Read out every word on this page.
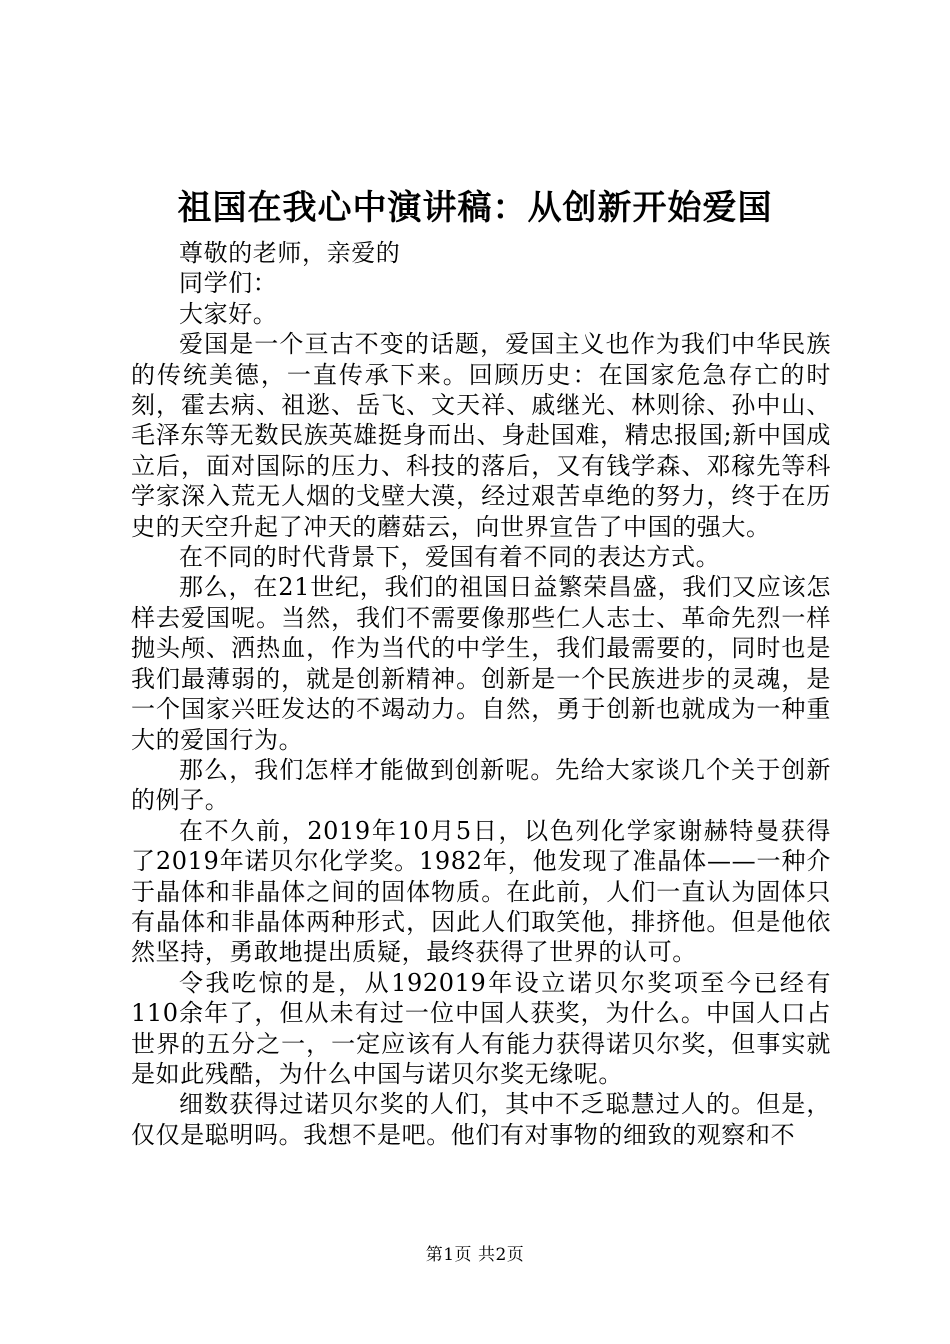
祖国在我心中演讲稿：从创新开始爱国

尊敬的老师，亲爱的

同学们：

大家好。

爱国是一个亘古不变的话题，爱国主义也作为我们中华民族的传统美德，一直传承下来。回顾历史：在国家危急存亡的时刻，霍去病、祖逖、岳飞、文天祥、戚继光、林则徐、孙中山、毛泽东等无数民族英雄挺身而出、身赴国难，精忠报国;新中国成立后，面对国际的压力、科技的落后，又有钱学森、邓稼先等科学家深入荒无人烟的戈壁大漠，经过艰苦卓绝的努力，终于在历史的天空升起了冲天的蘑菇云，向世界宣告了中国的强大。

在不同的时代背景下，爱国有着不同的表达方式。

那么，在21世纪，我们的祖国日益繁荣昌盛，我们又应该怎样去爱国呢。当然，我们不需要像那些仁人志士、革命先烈一样抛头颅、洒热血，作为当代的中学生，我们最需要的，同时也是我们最薄弱的，就是创新精神。创新是一个民族进步的灵魂，是一个国家兴旺发达的不竭动力。自然，勇于创新也就成为一种重大的爱国行为。

那么，我们怎样才能做到创新呢。先给大家谈几个关于创新的例子。

在不久前，2019年10月5日，以色列化学家谢赫特曼获得了2019年诺贝尔化学奖。1982年，他发现了准晶体——一种介于晶体和非晶体之间的固体物质。在此前，人们一直认为固体只有晶体和非晶体两种形式，因此人们取笑他，排挤他。但是他依然坚持，勇敢地提出质疑，最终获得了世界的认可。

令我吃惊的是，从192019年设立诺贝尔奖项至今已经有110余年了，但从未有过一位中国人获奖，为什么。中国人口占世界的五分之一，一定应该有人有能力获得诺贝尔奖，但事实就是如此残酷，为什么中国与诺贝尔奖无缘呢。

细数获得过诺贝尔奖的人们，其中不乏聪慧过人的。但是，仅仅是聪明吗。我想不是吧。他们有对事物的细致的观察和不

第1页 共2页
